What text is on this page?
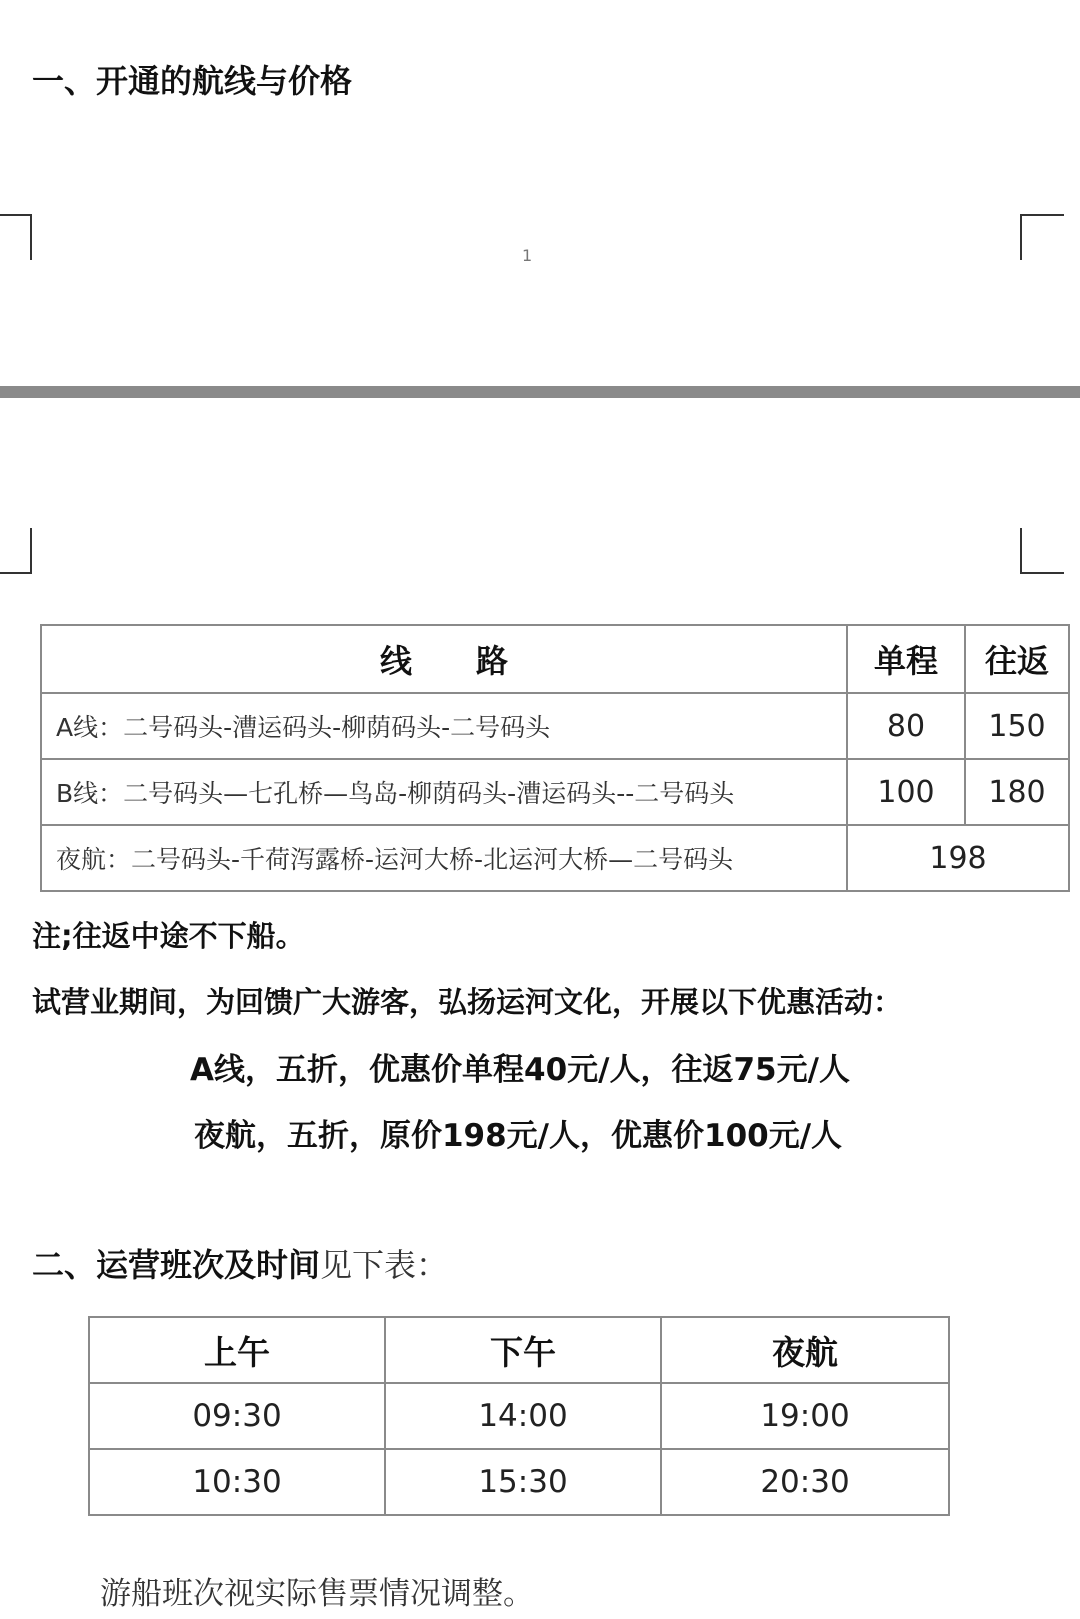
一、开通的航线与价格
1
线　　路	单程	往返
A线：二号码头-漕运码头-柳荫码头-二号码头	80	150
B线：二号码头—七孔桥—鸟岛-柳荫码头-漕运码头--二号码头	100	180
夜航：二号码头-千荷泻露桥-运河大桥-北运河大桥—二号码头	198	
注;往返中途不下船。
试营业期间，为回馈广大游客，弘扬运河文化，开展以下优惠活动：
A线，五折，优惠价单程40元/人，往返75元/人
夜航，五折，原价198元/人，优惠价100元/人
二、运营班次及时间见下表：
上午	下午	夜航
09:30	14:00	19:00
10:30	15:30	20:30
游船班次视实际售票情况调整。
